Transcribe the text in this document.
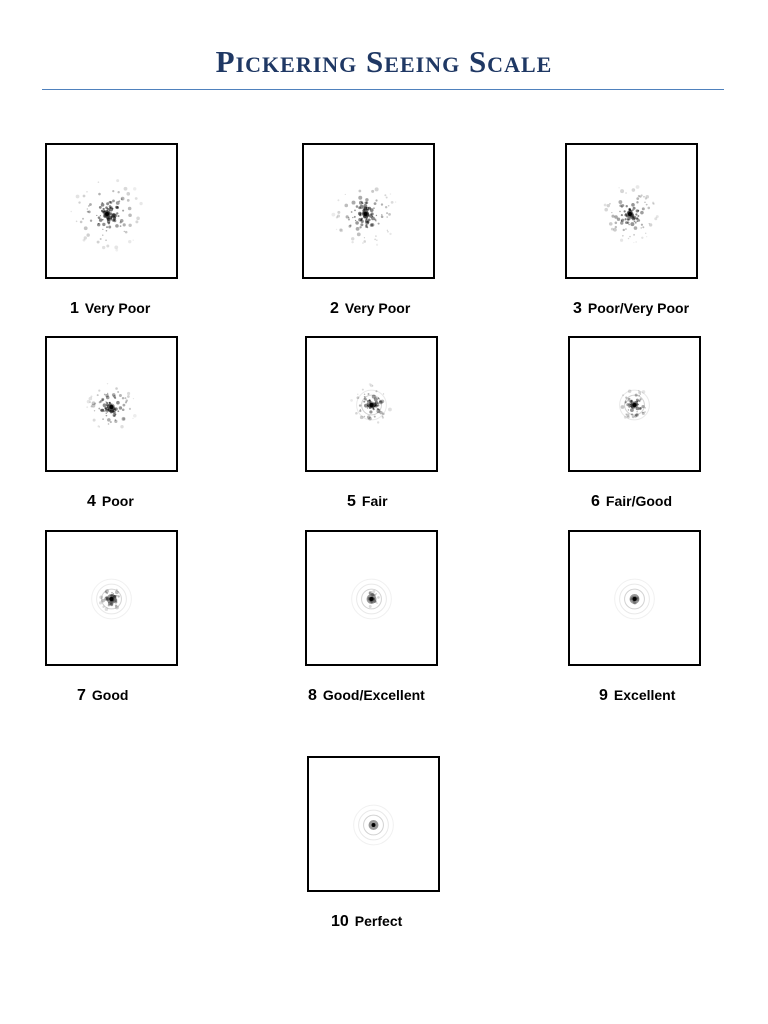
Pickering Seeing Scale
1 Very Poor	2 Very Poor	3 Poor/Very Poor
4 Poor	5 Fair	6 Fair/Good
7 Good	8 Good/Excellent	9 Excellent
10 Perfect
